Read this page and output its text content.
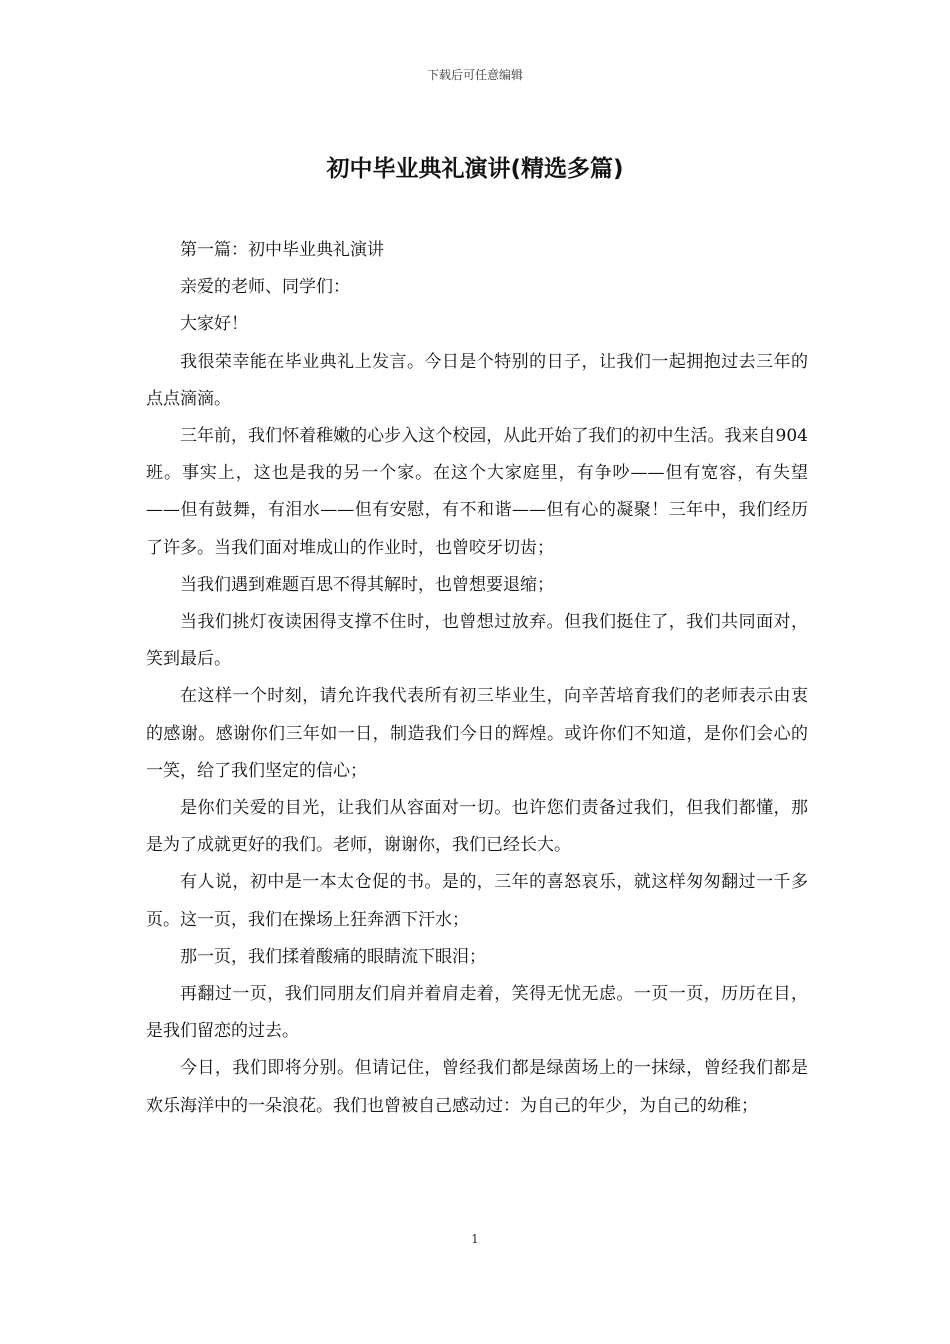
下载后可任意编辑
初中毕业典礼演讲(精选多篇)

第一篇：初中毕业典礼演讲

亲爱的老师、同学们：

大家好！

我很荣幸能在毕业典礼上发言。今日是个特别的日子，让我们一起拥抱过去三年的点点滴滴。

三年前，我们怀着稚嫩的心步入这个校园，从此开始了我们的初中生活。我来自904班。事实上，这也是我的另一个家。在这个大家庭里，有争吵——但有宽容，有失望——但有鼓舞，有泪水——但有安慰，有不和谐——但有心的凝聚！三年中，我们经历了许多。当我们面对堆成山的作业时，也曾咬牙切齿；

当我们遇到难题百思不得其解时，也曾想要退缩；

当我们挑灯夜读困得支撑不住时，也曾想过放弃。但我们挺住了，我们共同面对，笑到最后。

在这样一个时刻，请允许我代表所有初三毕业生，向辛苦培育我们的老师表示由衷的感谢。感谢你们三年如一日，制造我们今日的辉煌。或许你们不知道，是你们会心的一笑，给了我们坚定的信心；

是你们关爱的目光，让我们从容面对一切。也许您们责备过我们，但我们都懂，那是为了成就更好的我们。老师，谢谢你，我们已经长大。

有人说，初中是一本太仓促的书。是的，三年的喜怒哀乐，就这样匆匆翻过一千多页。这一页，我们在操场上狂奔洒下汗水；

那一页，我们揉着酸痛的眼睛流下眼泪；

再翻过一页，我们同朋友们肩并着肩走着，笑得无忧无虑。一页一页，历历在目，是我们留恋的过去。

今日，我们即将分别。但请记住，曾经我们都是绿茵场上的一抹绿，曾经我们都是欢乐海洋中的一朵浪花。我们也曾被自己感动过：为自己的年少，为自己的幼稚；

1
